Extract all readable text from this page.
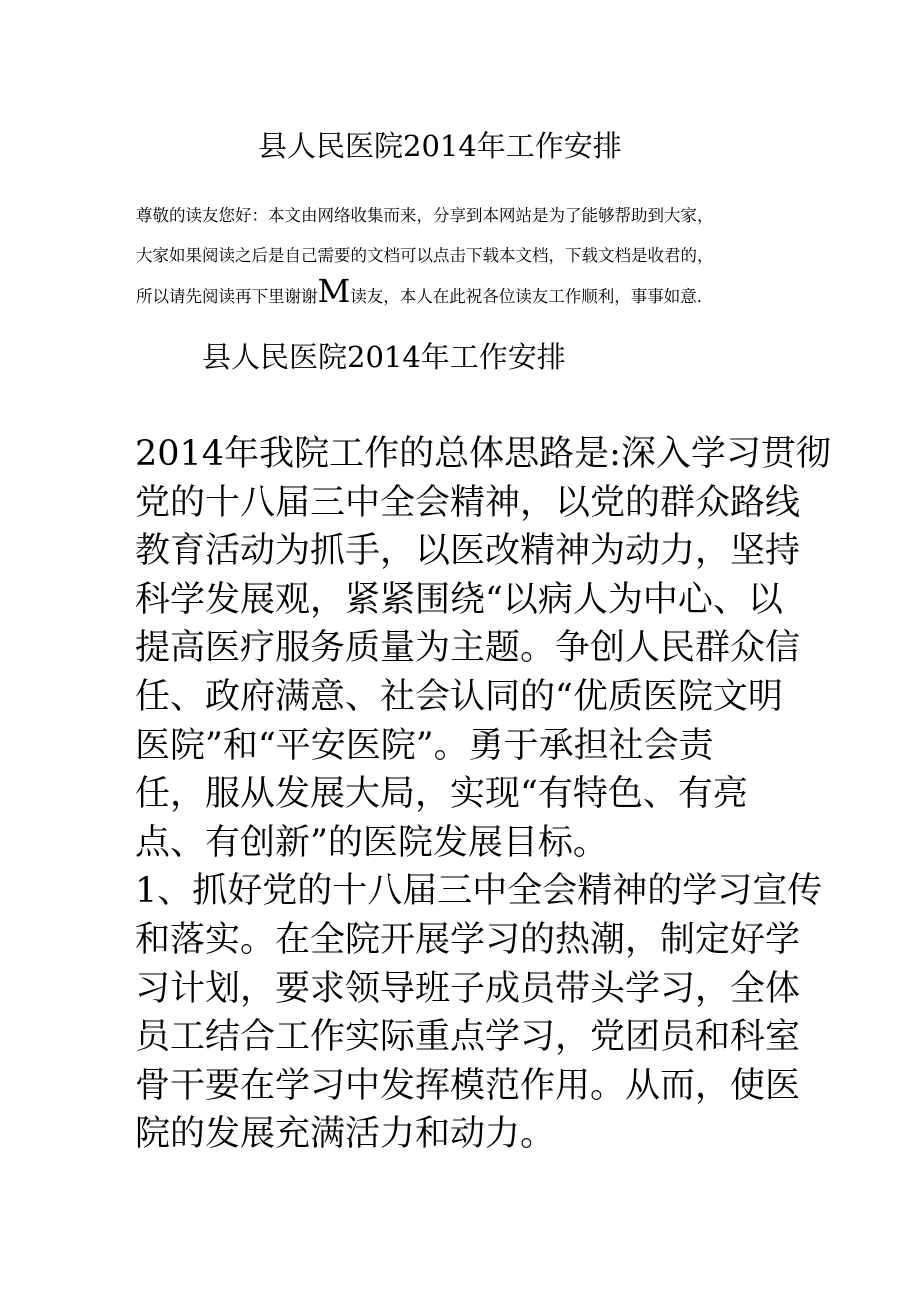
县人民医院2014年工作安排
尊敬的读友您好：本文由网络收集而来，分享到本网站是为了能够帮助到大家，
大家如果阅读之后是自己需要的文档可以点击下载本文档，下载文档是收君的，
所以请先阅读再下里谢谢M读友，本人在此祝各位读友工作顺利，事事如意.
县人民医院2014年工作安排
2014年我院工作的总体思路是:深入学习贯彻
党的十八届三中全会精神，以党的群众路线
教育活动为抓手，以医改精神为动力，坚持
科学发展观，紧紧围绕“以病人为中心、以
提高医疗服务质量为主题。争创人民群众信
任、政府满意、社会认同的“优质医院文明
医院”和“平安医院”。勇于承担社会责
任，服从发展大局，实现“有特色、有亮
点、有创新”的医院发展目标。
1、抓好党的十八届三中全会精神的学习宣传
和落实。在全院开展学习的热潮，制定好学
习计划，要求领导班子成员带头学习，全体
员工结合工作实际重点学习，党团员和科室
骨干要在学习中发挥模范作用。从而，使医
院的发展充满活力和动力。
